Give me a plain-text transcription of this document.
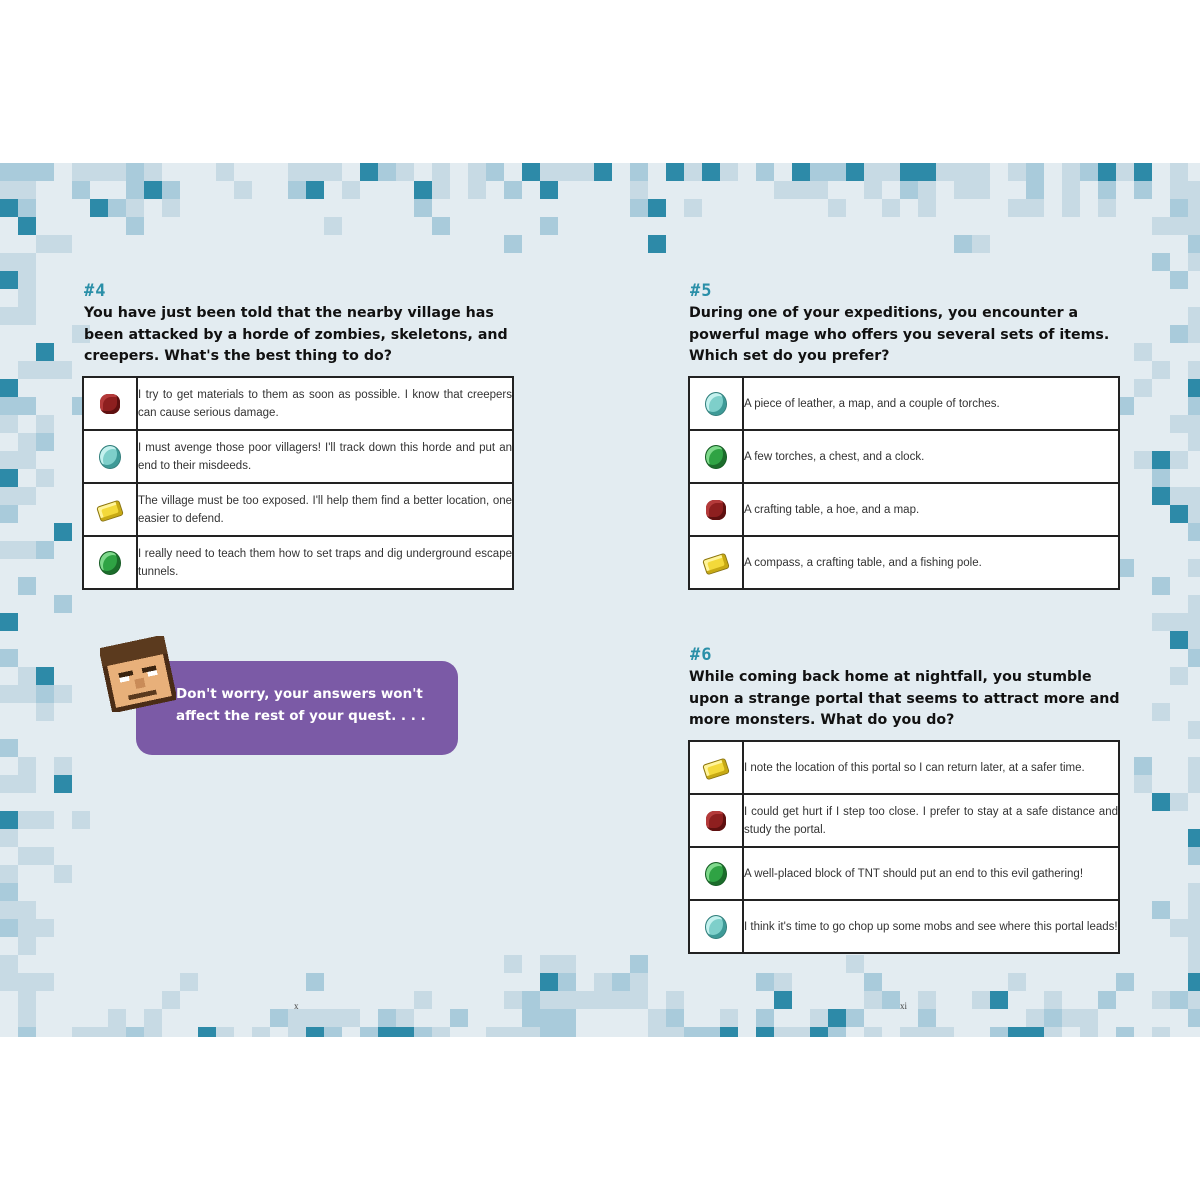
#4
You have just been told that the nearby village has been attacked by a horde of zombies, skeletons, and creepers. What's the best thing to do?
	I try to get materials to them as soon as possible. I know that creepers can cause serious damage.
	I must avenge those poor villagers! I'll track down this horde and put an end to their misdeeds.
	The village must be too exposed. I'll help them find a better location, one easier to defend.
	I really need to teach them how to set traps and dig underground escape tunnels.
x
#5
During one of your expeditions, you encounter a powerful mage who offers you several sets of items. Which set do you prefer?
	A piece of leather, a map, and a couple of torches.
	A few torches, a chest, and a clock.
	A crafting table, a hoe, and a map.
	A compass, a crafting table, and a fishing pole.
#6
While coming back home at nightfall, you stumble upon a strange portal that seems to attract more and more monsters. What do you do?
	I note the location of this portal so I can return later, at a safer time.
	I could get hurt if I step too close. I prefer to stay at a safe distance and study the portal.
	A well-placed block of TNT should put an end to this evil gathering!
	I think it's time to go chop up some mobs and see where this portal leads!
xi
Don't worry, your answers won't affect the rest of your quest. . . .
